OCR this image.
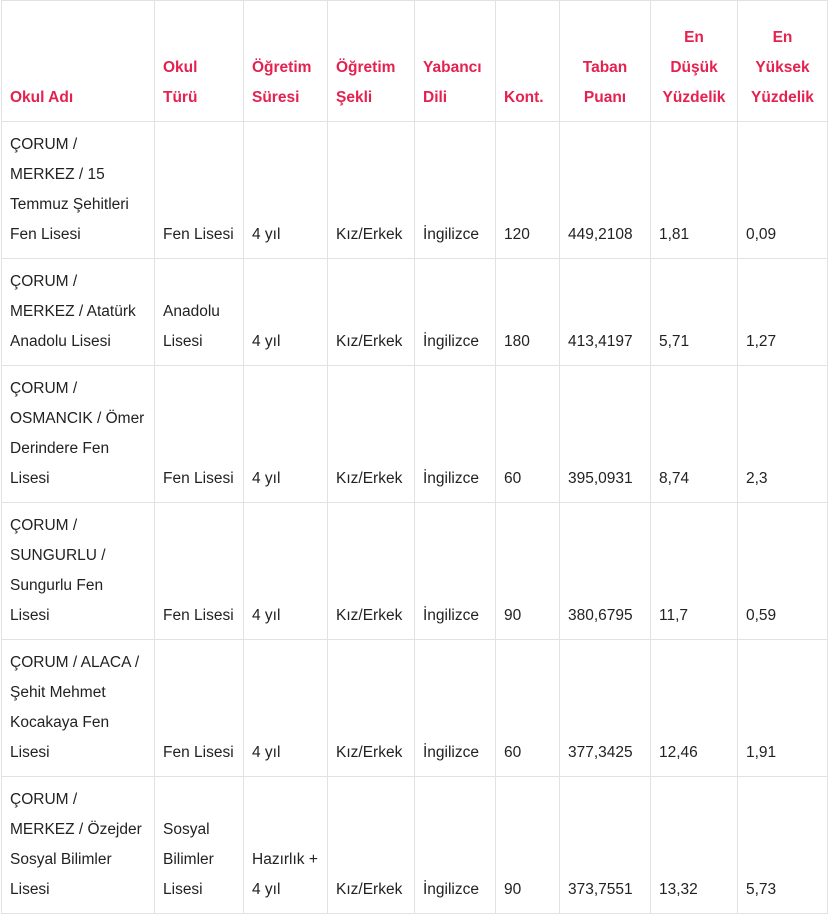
Okul Adı	Okul Türü	Öğretim Süresi	Öğretim Şekli	Yabancı Dili	Kont.	Taban Puanı	En Düşük Yüzdelik	En Yüksek Yüzdelik
ÇORUM / MERKEZ / 15 Temmuz Şehitleri Fen Lisesi	Fen Lisesi	4 yıl	Kız/Erkek	İngilizce	120	449,2108	1,81	0,09
ÇORUM / MERKEZ / Atatürk Anadolu Lisesi	Anadolu Lisesi	4 yıl	Kız/Erkek	İngilizce	180	413,4197	5,71	1,27
ÇORUM / OSMANCIK / Ömer Derindere Fen Lisesi	Fen Lisesi	4 yıl	Kız/Erkek	İngilizce	60	395,0931	8,74	2,3
ÇORUM / SUNGURLU / Sungurlu Fen Lisesi	Fen Lisesi	4 yıl	Kız/Erkek	İngilizce	90	380,6795	11,7	0,59
ÇORUM / ALACA / Şehit Mehmet Kocakaya Fen Lisesi	Fen Lisesi	4 yıl	Kız/Erkek	İngilizce	60	377,3425	12,46	1,91
ÇORUM / MERKEZ / Özejder Sosyal Bilimler Lisesi	Sosyal Bilimler Lisesi	Hazırlık + 4 yıl	Kız/Erkek	İngilizce	90	373,7551	13,32	5,73
